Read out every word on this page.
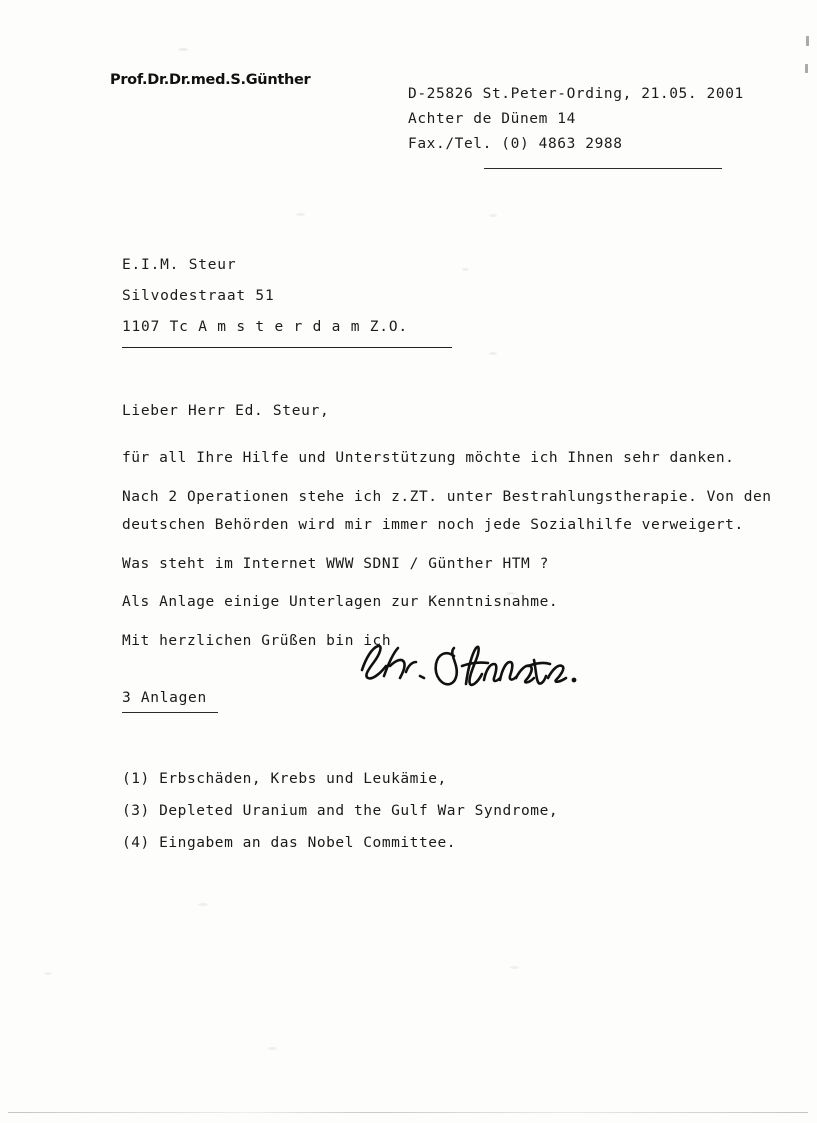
Prof.Dr.Dr.med.S.Günther
D-25826 St.Peter-Ording, 21.05. 2001
Achter de Dünem 14
Fax./Tel. (0) 4863 2988
E.I.M. Steur
Silvodestraat 51
1107 Tc A m s t e r d a m Z.O.
Lieber Herr Ed. Steur,

für all Ihre Hilfe und Unterstützung möchte ich Ihnen sehr danken.

Nach 2 Operationen stehe ich z.ZT. unter Bestrahlungstherapie. Von den deutschen Behörden wird mir immer noch jede Sozialhilfe verweigert.

Was steht im Internet WWW SDNI / Günther HTM ?

Als Anlage einige Unterlagen zur Kenntnisnahme.

Mit herzlichen Grüßen bin ich

3 Anlagen
(1) Erbschäden, Krebs und Leukämie,
(3) Depleted Uranium and the Gulf War Syndrome,
(4) Eingabem an das Nobel Committee.
